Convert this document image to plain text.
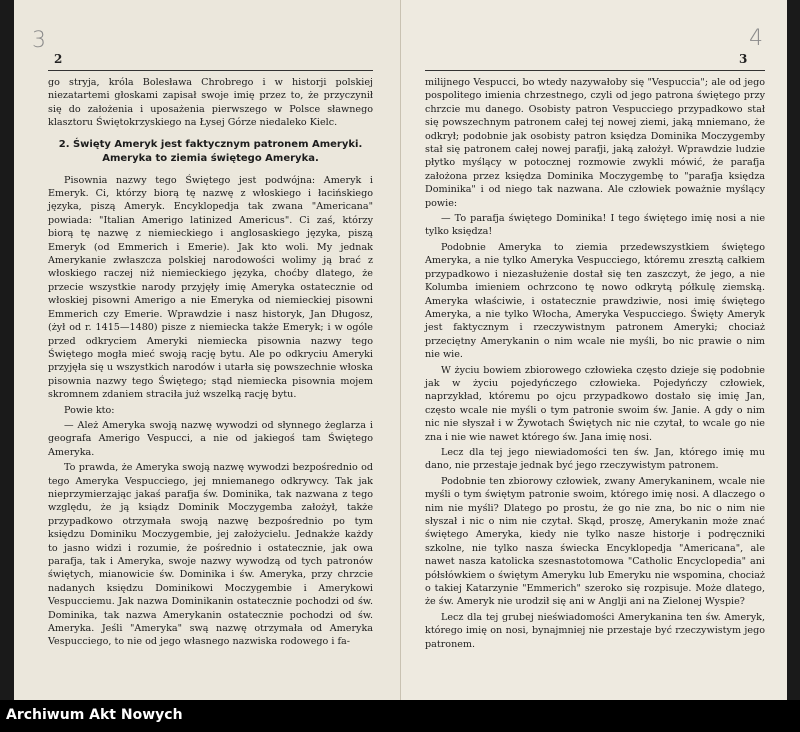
3
2

go stryja, króla Bolesława Chrobrego i w historji polskiej niezatartemi głoskami zapisał swoje imię przez to, że przyczynił się do założenia i uposażenia pierwszego w Polsce sławnego klasztoru Świętokrzyskiego na Łysej Górze niedaleko Kielc.

2. Święty Ameryk jest faktycznym patronem Ameryki. Ameryka to ziemia świętego Ameryka.

Pisownia nazwy tego Świętego jest podwójna: Ameryk i Emeryk. Ci, którzy biorą tę nazwę z włoskiego i łacińskiego języka, piszą Ameryk. Encyklopedja tak zwana "Americana" powiada: "Italian Amerigo latinized Americus". Ci zaś, którzy biorą tę nazwę z niemieckiego i anglosaskiego języka, piszą Emeryk (od Emmerich i Emerie). Jak kto woli. My jednak Amerykanie zwłaszcza polskiej narodowości wolimy ją brać z włoskiego raczej niż niemieckiego języka, choćby dlatego, że przecie wszystkie narody przyjęły imię Ameryka ostatecznie od włoskiej pisowni Amerigo a nie Emeryka od niemieckiej pisowni Emmerich czy Emerie. Wprawdzie i nasz historyk, Jan Długosz, (żył od r. 1415—1480) pisze z niemiecka także Emeryk; i w ogóle przed odkryciem Ameryki niemiecka pisownia nazwy tego Świętego mogła mieć swoją rację bytu. Ale po odkryciu Ameryki przyjęła się u wszystkich narodów i utarła się powszechnie włoska pisownia nazwy tego Świętego; stąd niemiecka pisownia mojem skromnem zdaniem straciła już wszelką rację bytu.

Powie kto:

— Alеż Ameryka swoją nazwę wywodzi od słynnego żeglarza i geografa Amerigo Vespucci, a nie od jakiegoś tam Świętego Ameryka.

To prawda, że Ameryka swoją nazwę wywodzi bezpośrednio od tego Ameryka Vespucciego, jej mniemanego odkrywcy. Tak jak nieprzymierzając jakaś parafja św. Dominika, tak nazwana z tego względu, że ją ksiądz Dominik Moczygemba założył, także przypadkowo otrzymała swoją nazwę bezpośrednio po tym księdzu Dominiku Moczygembie, jej założycielu. Jednakże każdy to jasno widzi i rozumie, że pośrednio i ostatecznie, jak owa parafja, tak i Ameryka, swoje nazwy wywodzą od tych patronów świętych, mianowicie św. Dominika i św. Ameryka, przy chrzcie nadanych księdzu Dominikowi Moczygembie i Amerykowi Vespucciemu. Jak nazwa Dominikanin ostatecznie pochodzi od św. Dominika, tak nazwa Amerykanin ostatecznie pochodzi od św. Ameryka. Jeśli "Ameryka" swą nazwę otrzymała od Ameryka Vespucciego, to nie od jego własnego nazwiska rodowego i fa-

4
3

milijnego Vespucci, bo wtedy nazywałoby się "Vespuccia"; ale od jego pospolitego imienia chrzestnego, czyli od jego patrona świętego przy chrzcie mu danego. Osobisty patron Vespucciego przypadkowo stał się powszechnym patronem całej tej nowej ziemi, jaką mniemano, że odkrył; podobnie jak osobisty patron księdza Dominika Moczygemby stał się patronem całej nowej parafji, jaką założył. Wprawdzie ludzie płytko myślący w potocznej rozmowie zwykli mówić, że parafja założona przez księdza Dominika Moczygembę to "parafja księdza Dominika" i od niego tak nazwana. Ale człowiek poważnie myślący powie:

— To parafja świętego Dominika! I tego świętego imię nosi a nie tylko księdza!

Podobnie Ameryka to ziemia przedewszystkiem świętego Ameryka, a nie tylko Ameryka Vespucciego, któremu zresztą całkiem przypadkowo i niezasłużenie dostał się ten zaszczyt, że jego, a nie Kolumba imieniem ochrzcono tę nowo odkrytą półkulę ziemską. Ameryka właściwie, i ostatecznie prawdziwie, nosi imię świętego Ameryka, a nie tylko Włocha, Ameryka Vespucciego. Święty Ameryk jest faktycznym i rzeczywistnym patronem Ameryki; chociaż przeciętny Amerykanin o nim wcale nie myśli, bo nic prawie o nim nie wie.

W życiu bowiem zbiorowego człowieka często dzieje się podobnie jak w życiu pojedyńczego człowieka. Pojedyńczy człowiek, naprzykład, któremu po ojcu przypadkowo dostało się imię Jan, często wcale nie myśli o tym patronie swoim św. Janie. A gdy o nim nic nie słyszał i w Żywotach Świętych nic nie czytał, to wcale go nie zna i nie wie nawet którego św. Jana imię nosi.

Lecz dla tej jego niewiadomości ten św. Jan, którego imię mu dano, nie przestaje jednak być jego rzeczywistym patronem.

Podobnie ten zbiorowy człowiek, zwany Amerykaninem, wcale nie myśli o tym świętym patronie swoim, którego imię nosi. A dlaczego o nim nie myśli? Dlatego po prostu, że go nie zna, bo nic o nim nie słyszał i nic o nim nie czytał. Skąd, proszę, Amerykanin może znać świętego Ameryka, kiedy nie tylko nasze historje i podręczniki szkolne, nie tylko nasza świecka Encyklopedja "Americana", ale nawet nasza katolicka szesnastotomowa "Catholic Encyclopedia" ani półsłówkiem o świętym Ameryku lub Emeryku nie wspomina, chociaż o takiej Katarzynie "Emmerich" szeroko się rozpisuje. Może dlatego, że św. Ameryk nie urodził się ani w Anglji ani na Zielonej Wyspie?

Lecz dla tej grubej nieświadomości Amerykanina ten św. Ameryk, którego imię on nosi, bynajmniej nie przestaje być rzeczywistym jego patronem.

Archiwum Akt Nowych
